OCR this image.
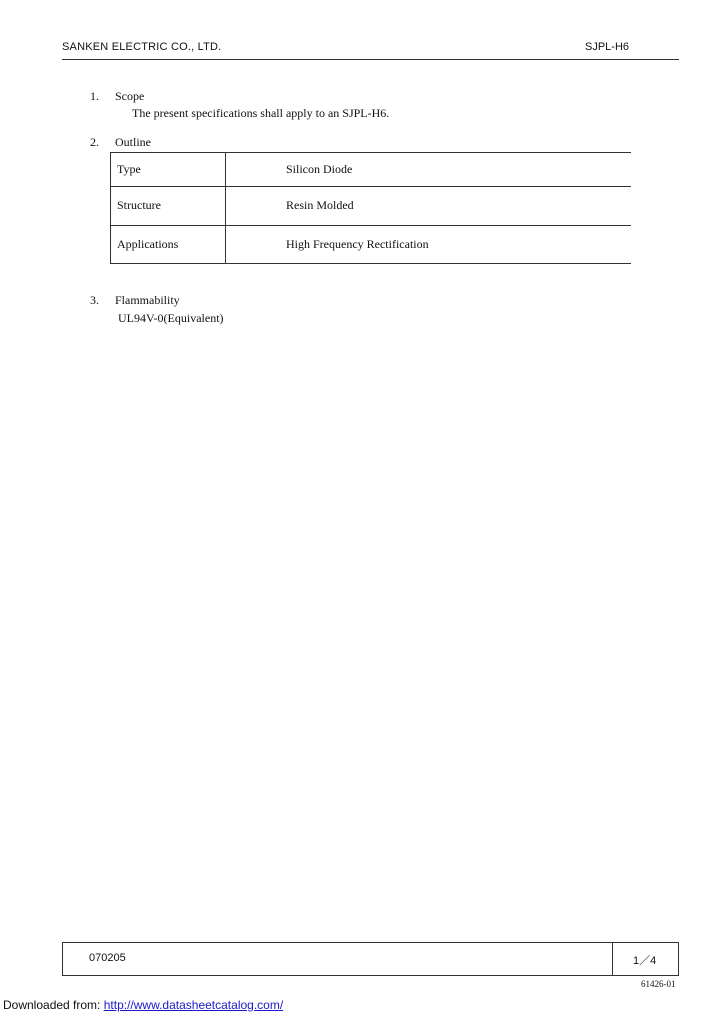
SANKEN ELECTRIC CO., LTD.	SJPL-H6
1. Scope
The present specifications shall apply to an SJPL-H6.
2. Outline
Type	Silicon Diode
Structure	Resin Molded
Applications	High Frequency Rectification
3. Flammability
UL94V-0(Equivalent)
070205	1／4
61426-01
Downloaded from: http://www.datasheetcatalog.com/
